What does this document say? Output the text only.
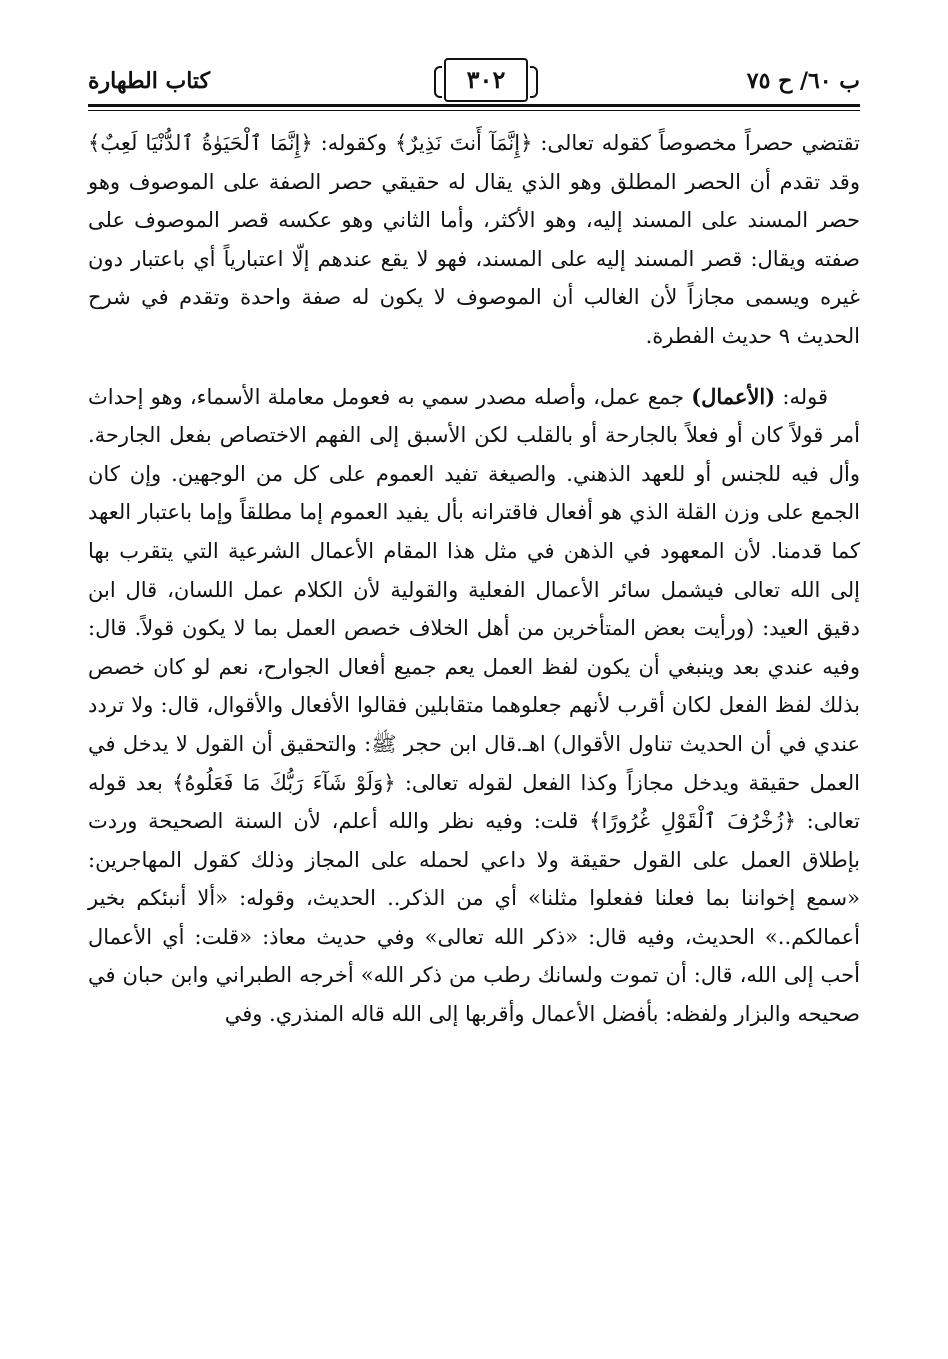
ب ٦٠/ ح ٧٥
٣٠٢
كتاب الطهارة

تقتضي حصراً مخصوصاً كقوله تعالى: ﴿إِنَّمَآ أَنتَ نَذِيرٌ﴾ وكقوله: ﴿إِنَّمَا ٱلْحَيَوٰةُ ٱلدُّنْيَا لَعِبٌ﴾ وقد تقدم أن الحصر المطلق وهو الذي يقال له حقيقي حصر الصفة على الموصوف وهو حصر المسند على المسند إليه، وهو الأكثر، وأما الثاني وهو عكسه قصر الموصوف على صفته ويقال: قصر المسند إليه على المسند، فهو لا يقع عندهم إلّا اعتبارياً أي باعتبار دون غيره ويسمى مجازاً لأن الغالب أن الموصوف لا يكون له صفة واحدة وتقدم في شرح الحديث ٩ حديث الفطرة.

قوله: (الأعمال) جمع عمل، وأصله مصدر سمي به فعومل معاملة الأسماء، وهو إحداث أمر قولاً كان أو فعلاً بالجارحة أو بالقلب لكن الأسبق إلى الفهم الاختصاص بفعل الجارحة. وأل فيه للجنس أو للعهد الذهني. والصيغة تفيد العموم على كل من الوجهين. وإن كان الجمع على وزن القلة الذي هو أفعال فاقترانه بأل يفيد العموم إما مطلقاً وإما باعتبار العهد كما قدمنا. لأن المعهود في الذهن في مثل هذا المقام الأعمال الشرعية التي يتقرب بها إلى الله تعالى فيشمل سائر الأعمال الفعلية والقولية لأن الكلام عمل اللسان، قال ابن دقيق العيد: (ورأيت بعض المتأخرين من أهل الخلاف خصص العمل بما لا يكون قولاً. قال: وفيه عندي بعد وينبغي أن يكون لفظ العمل يعم جميع أفعال الجوارح، نعم لو كان خصص بذلك لفظ الفعل لكان أقرب لأنهم جعلوهما متقابلين فقالوا الأفعال والأقوال، قال: ولا تردد عندي في أن الحديث تناول الأقوال) اهـ.قال ابن حجر ﷺ: والتحقيق أن القول لا يدخل في العمل حقيقة ويدخل مجازاً وكذا الفعل لقوله تعالى: ﴿وَلَوْ شَآءَ رَبُّكَ مَا فَعَلُوهُ﴾ بعد قوله تعالى: ﴿زُخْرُفَ ٱلْقَوْلِ غُرُورًا﴾ قلت: وفيه نظر والله أعلم، لأن السنة الصحيحة وردت بإطلاق العمل على القول حقيقة ولا داعي لحمله على المجاز وذلك كقول المهاجرين: «سمع إخواننا بما فعلنا ففعلوا مثلنا» أي من الذكر.. الحديث، وقوله: «ألا أنبئكم بخير أعمالكم..» الحديث، وفيه قال: «ذكر الله تعالى» وفي حديث معاذ: «قلت: أي الأعمال أحب إلى الله، قال: أن تموت ولسانك رطب من ذكر الله» أخرجه الطبراني وابن حبان في صحيحه والبزار ولفظه: بأفضل الأعمال وأقربها إلى الله قاله المنذري. وفي
